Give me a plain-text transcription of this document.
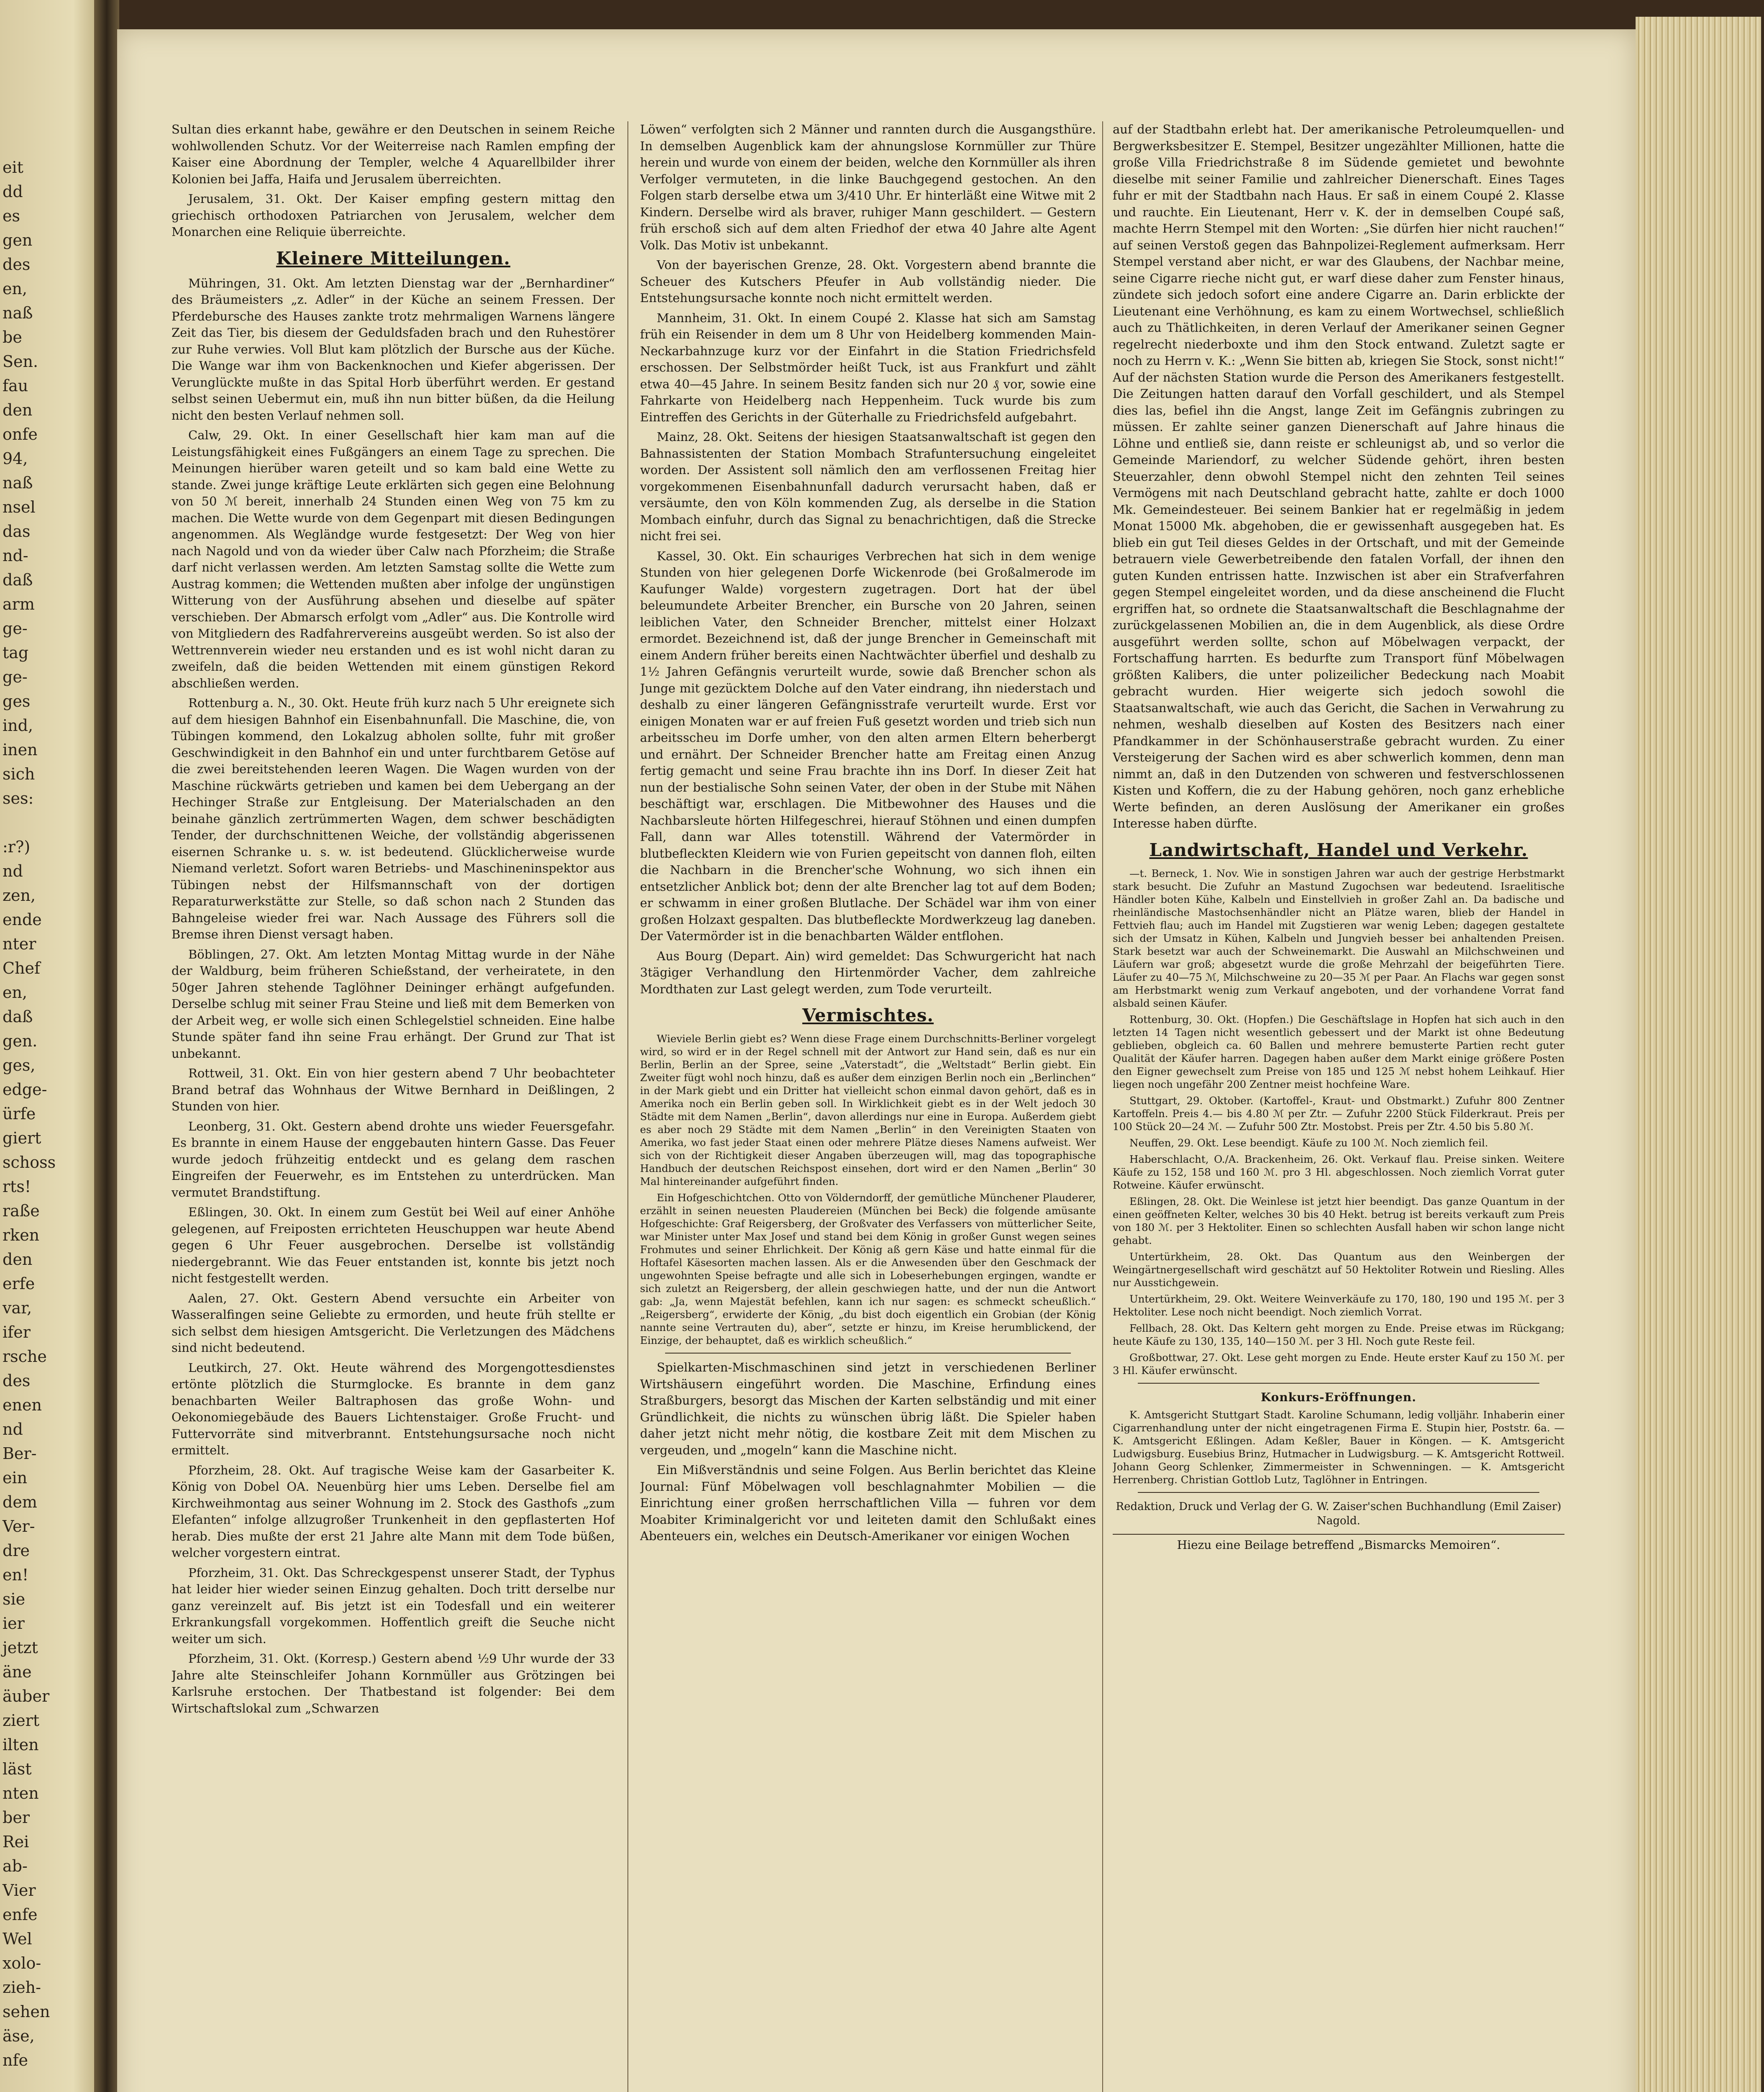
eit
dd
es
gen
des
en,
naß
be
Sen.
fau
den
onfe
94,
naß
nsel
das
nd-
daß
arm
ge-
tag
ge-
ges
ind,
inen
sich
ses:
:r?)
nd
zen,
ende
nter
Chef
en,
daß
gen.
ges,
edge-
ürfe
giert
schoss
rts!
raße
rken
den
erfe
var,
ifer
rsche
des
enen
nd
Ber-
ein
dem
Ver-
dre
en!
sie
ier
jetzt
äne
äuber
ziert
ilten
läst
nten
ber
Rei
ab-
Vier
enfe
Wel
xolo-
zieh-
sehen
äse,
nfe

Sultan dies erkannt habe, gewähre er den Deutschen in seinem Reiche wohlwollenden Schutz. Vor der Weiterreise nach Ramlen empfing der Kaiser eine Abordnung der Templer, welche 4 Aquarellbilder ihrer Kolonien bei Jaffa, Haifa und Jerusalem überreichten.

Jerusalem, 31. Okt. Der Kaiser empfing gestern mittag den griechisch orthodoxen Patriarchen von Jerusalem, welcher dem Monarchen eine Reliquie überreichte.

Kleinere Mitteilungen.

Mühringen, 31. Okt. Am letzten Dienstag war der „Bernhardiner“ des Bräumeisters „z. Adler“ in der Küche an seinem Fressen. Der Pferdebursche des Hauses zankte trotz mehrmaligen Warnens längere Zeit das Tier, bis diesem der Geduldsfaden brach und den Ruhestörer zur Ruhe verwies. Voll Blut kam plötzlich der Bursche aus der Küche. Die Wange war ihm von Backenknochen und Kiefer abgerissen. Der Verunglückte mußte in das Spital Horb überführt werden. Er gestand selbst seinen Uebermut ein, muß ihn nun bitter büßen, da die Heilung nicht den besten Verlauf nehmen soll.

Calw, 29. Okt. In einer Gesellschaft hier kam man auf die Leistungsfähigkeit eines Fußgängers an einem Tage zu sprechen. Die Meinungen hierüber waren geteilt und so kam bald eine Wette zu stande. Zwei junge kräftige Leute erklärten sich gegen eine Belohnung von 50 ℳ bereit, innerhalb 24 Stunden einen Weg von 75 km zu machen. Die Wette wurde von dem Gegenpart mit diesen Bedingungen angenommen. Als Wegländge wurde festgesetzt: Der Weg von hier nach Nagold und von da wieder über Calw nach Pforzheim; die Straße darf nicht verlassen werden. Am letzten Samstag sollte die Wette zum Austrag kommen; die Wettenden mußten aber infolge der ungünstigen Witterung von der Ausführung absehen und dieselbe auf später verschieben. Der Abmarsch erfolgt vom „Adler“ aus. Die Kontrolle wird von Mitgliedern des Radfahrervereins ausgeübt werden. So ist also der Wettrennverein wieder neu erstanden und es ist wohl nicht daran zu zweifeln, daß die beiden Wettenden mit einem günstigen Rekord abschließen werden.

Rottenburg a. N., 30. Okt. Heute früh kurz nach 5 Uhr ereignete sich auf dem hiesigen Bahnhof ein Eisenbahnunfall. Die Maschine, die, von Tübingen kommend, den Lokalzug abholen sollte, fuhr mit großer Geschwindigkeit in den Bahnhof ein und unter furchtbarem Getöse auf die zwei bereitstehenden leeren Wagen. Die Wagen wurden von der Maschine rückwärts getrieben und kamen bei dem Uebergang an der Hechinger Straße zur Entgleisung. Der Materialschaden an den beinahe gänzlich zertrümmerten Wagen, dem schwer beschädigten Tender, der durchschnittenen Weiche, der vollständig abgerissenen eisernen Schranke u. s. w. ist bedeutend. Glücklicherweise wurde Niemand verletzt. Sofort waren Betriebs- und Maschineninspektor aus Tübingen nebst der Hilfsmannschaft von der dortigen Reparaturwerkstätte zur Stelle, so daß schon nach 2 Stunden das Bahngeleise wieder frei war. Nach Aussage des Führers soll die Bremse ihren Dienst versagt haben.

Böblingen, 27. Okt. Am letzten Montag Mittag wurde in der Nähe der Waldburg, beim früheren Schießstand, der verheiratete, in den 50ger Jahren stehende Taglöhner Deininger erhängt aufgefunden. Derselbe schlug mit seiner Frau Steine und ließ mit dem Bemerken von der Arbeit weg, er wolle sich einen Schlegelstiel schneiden. Eine halbe Stunde später fand ihn seine Frau erhängt. Der Grund zur That ist unbekannt.

Rottweil, 31. Okt. Ein von hier gestern abend 7 Uhr beobachteter Brand betraf das Wohnhaus der Witwe Bernhard in Deißlingen, 2 Stunden von hier.

Leonberg, 31. Okt. Gestern abend drohte uns wieder Feuersgefahr. Es brannte in einem Hause der enggebauten hintern Gasse. Das Feuer wurde jedoch frühzeitig entdeckt und es gelang dem raschen Eingreifen der Feuerwehr, es im Entstehen zu unterdrücken. Man vermutet Brandstiftung.

Eßlingen, 30. Okt. In einem zum Gestüt bei Weil auf einer Anhöhe gelegenen, auf Freiposten errichteten Heuschuppen war heute Abend gegen 6 Uhr Feuer ausgebrochen. Derselbe ist vollständig niedergebrannt. Wie das Feuer entstanden ist, konnte bis jetzt noch nicht festgestellt werden.

Aalen, 27. Okt. Gestern Abend versuchte ein Arbeiter von Wasseralfingen seine Geliebte zu ermorden, und heute früh stellte er sich selbst dem hiesigen Amtsgericht. Die Verletzungen des Mädchens sind nicht bedeutend.

Leutkirch, 27. Okt. Heute während des Morgengottesdienstes ertönte plötzlich die Sturmglocke. Es brannte in dem ganz benachbarten Weiler Baltraphosen das große Wohn- und Oekonomiegebäude des Bauers Lichtenstaiger. Große Frucht- und Futtervorräte sind mitverbrannt. Entstehungsursache noch nicht ermittelt.

Pforzheim, 28. Okt. Auf tragische Weise kam der Gasarbeiter K. König von Dobel OA. Neuenbürg hier ums Leben. Derselbe fiel am Kirchweihmontag aus seiner Wohnung im 2. Stock des Gasthofs „zum Elefanten“ infolge allzugroßer Trunkenheit in den gepflasterten Hof herab. Dies mußte der erst 21 Jahre alte Mann mit dem Tode büßen, welcher vorgestern eintrat.

Pforzheim, 31. Okt. Das Schreckgespenst unserer Stadt, der Typhus hat leider hier wieder seinen Einzug gehalten. Doch tritt derselbe nur ganz vereinzelt auf. Bis jetzt ist ein Todesfall und ein weiterer Erkrankungsfall vorgekommen. Hoffentlich greift die Seuche nicht weiter um sich.

Pforzheim, 31. Okt. (Korresp.) Gestern abend ½9 Uhr wurde der 33 Jahre alte Steinschleifer Johann Kornmüller aus Grötzingen bei Karlsruhe erstochen. Der Thatbestand ist folgender: Bei dem Wirtschaftslokal zum „Schwarzen

Löwen“ verfolgten sich 2 Männer und rannten durch die Ausgangsthüre. In demselben Augenblick kam der ahnungslose Kornmüller zur Thüre herein und wurde von einem der beiden, welche den Kornmüller als ihren Verfolger vermuteten, in die linke Bauchgegend gestochen. An den Folgen starb derselbe etwa um 3/410 Uhr. Er hinterläßt eine Witwe mit 2 Kindern. Derselbe wird als braver, ruhiger Mann geschildert. — Gestern früh erschoß sich auf dem alten Friedhof der etwa 40 Jahre alte Agent Volk. Das Motiv ist unbekannt.

Von der bayerischen Grenze, 28. Okt. Vorgestern abend brannte die Scheuer des Kutschers Pfeufer in Aub vollständig nieder. Die Entstehungsursache konnte noch nicht ermittelt werden.

Mannheim, 31. Okt. In einem Coupé 2. Klasse hat sich am Samstag früh ein Reisender in dem um 8 Uhr von Heidelberg kommenden Main-Neckarbahnzuge kurz vor der Einfahrt in die Station Friedrichsfeld erschossen. Der Selbstmörder heißt Tuck, ist aus Frankfurt und zählt etwa 40—45 Jahre. In seinem Besitz fanden sich nur 20 ₰ vor, sowie eine Fahrkarte von Heidelberg nach Heppenheim. Tuck wurde bis zum Eintreffen des Gerichts in der Güterhalle zu Friedrichsfeld aufgebahrt.

Mainz, 28. Okt. Seitens der hiesigen Staatsanwaltschaft ist gegen den Bahnassistenten der Station Mombach Strafuntersuchung eingeleitet worden. Der Assistent soll nämlich den am verflossenen Freitag hier vorgekommenen Eisenbahnunfall dadurch verursacht haben, daß er versäumte, den von Köln kommenden Zug, als derselbe in die Station Mombach einfuhr, durch das Signal zu benachrichtigen, daß die Strecke nicht frei sei.

Kassel, 30. Okt. Ein schauriges Verbrechen hat sich in dem wenige Stunden von hier gelegenen Dorfe Wickenrode (bei Großalmerode im Kaufunger Walde) vorgestern zugetragen. Dort hat der übel beleumundete Arbeiter Brencher, ein Bursche von 20 Jahren, seinen leiblichen Vater, den Schneider Brencher, mittelst einer Holzaxt ermordet. Bezeichnend ist, daß der junge Brencher in Gemeinschaft mit einem Andern früher bereits einen Nachtwächter überfiel und deshalb zu 1½ Jahren Gefängnis verurteilt wurde, sowie daß Brencher schon als Junge mit gezücktem Dolche auf den Vater eindrang, ihn niederstach und deshalb zu einer längeren Gefängnisstrafe verurteilt wurde. Erst vor einigen Monaten war er auf freien Fuß gesetzt worden und trieb sich nun arbeitsscheu im Dorfe umher, von den alten armen Eltern beherbergt und ernährt. Der Schneider Brencher hatte am Freitag einen Anzug fertig gemacht und seine Frau brachte ihn ins Dorf. In dieser Zeit hat nun der bestialische Sohn seinen Vater, der oben in der Stube mit Nähen beschäftigt war, erschlagen. Die Mitbewohner des Hauses und die Nachbarsleute hörten Hilfegeschrei, hierauf Stöhnen und einen dumpfen Fall, dann war Alles totenstill. Während der Vatermörder in blutbefleckten Kleidern wie von Furien gepeitscht von dannen floh, eilten die Nachbarn in die Brencher'sche Wohnung, wo sich ihnen ein entsetzlicher Anblick bot; denn der alte Brencher lag tot auf dem Boden; er schwamm in einer großen Blutlache. Der Schädel war ihm von einer großen Holzaxt gespalten. Das blutbefleckte Mordwerkzeug lag daneben. Der Vatermörder ist in die benachbarten Wälder entflohen.

Aus Bourg (Depart. Ain) wird gemeldet: Das Schwurgericht hat nach 3tägiger Verhandlung den Hirtenmörder Vacher, dem zahlreiche Mordthaten zur Last gelegt werden, zum Tode verurteilt.

Vermischtes.

Wieviele Berlin giebt es? Wenn diese Frage einem Durchschnitts-Berliner vorgelegt wird, so wird er in der Regel schnell mit der Antwort zur Hand sein, daß es nur ein Berlin, Berlin an der Spree, seine „Vaterstadt“, die „Weltstadt“ Berlin giebt. Ein Zweiter fügt wohl noch hinzu, daß es außer dem einzigen Berlin noch ein „Berlinchen“ in der Mark giebt und ein Dritter hat vielleicht schon einmal davon gehört, daß es in Amerika noch ein Berlin geben soll. In Wirklichkeit giebt es in der Welt jedoch 30 Städte mit dem Namen „Berlin“, davon allerdings nur eine in Europa. Außerdem giebt es aber noch 29 Städte mit dem Namen „Berlin“ in den Vereinigten Staaten von Amerika, wo fast jeder Staat einen oder mehrere Plätze dieses Namens aufweist. Wer sich von der Richtigkeit dieser Angaben überzeugen will, mag das topographische Handbuch der deutschen Reichspost einsehen, dort wird er den Namen „Berlin“ 30 Mal hintereinander aufgeführt finden.

Ein Hofgeschichtchen. Otto von Völderndorff, der gemütliche Münchener Plauderer, erzählt in seinen neuesten Plaudereien (München bei Beck) die folgende amüsante Hofgeschichte: Graf Reigersberg, der Großvater des Verfassers von mütterlicher Seite, war Minister unter Max Josef und stand bei dem König in großer Gunst wegen seines Frohmutes und seiner Ehrlichkeit. Der König aß gern Käse und hatte einmal für die Hoftafel Käsesorten machen lassen. Als er die Anwesenden über den Geschmack der ungewohnten Speise befragte und alle sich in Lobeserhebungen ergingen, wandte er sich zuletzt an Reigersberg, der allein geschwiegen hatte, und der nun die Antwort gab: „Ja, wenn Majestät befehlen, kann ich nur sagen: es schmeckt scheußlich.“ „Reigersberg“, erwiderte der König, „du bist doch eigentlich ein Grobian (der König nannte seine Vertrauten du), aber“, setzte er hinzu, im Kreise herumblickend, der Einzige, der behauptet, daß es wirklich scheußlich.“

Spielkarten-Mischmaschinen sind jetzt in verschiedenen Berliner Wirtshäusern eingeführt worden. Die Maschine, Erfindung eines Straßburgers, besorgt das Mischen der Karten selbständig und mit einer Gründlichkeit, die nichts zu wünschen übrig läßt. Die Spieler haben daher jetzt nicht mehr nötig, die kostbare Zeit mit dem Mischen zu vergeuden, und „mogeln“ kann die Maschine nicht.

Ein Mißverständnis und seine Folgen. Aus Berlin berichtet das Kleine Journal: Fünf Möbelwagen voll beschlagnahmter Mobilien — die Einrichtung einer großen herrschaftlichen Villa — fuhren vor dem Moabiter Kriminalgericht vor und leiteten damit den Schlußakt eines Abenteuers ein, welches ein Deutsch-Amerikaner vor einigen Wochen

auf der Stadtbahn erlebt hat. Der amerikanische Petroleumquellen- und Bergwerksbesitzer E. Stempel, Besitzer ungezählter Millionen, hatte die große Villa Friedrichstraße 8 im Südende gemietet und bewohnte dieselbe mit seiner Familie und zahlreicher Dienerschaft. Eines Tages fuhr er mit der Stadtbahn nach Haus. Er saß in einem Coupé 2. Klasse und rauchte. Ein Lieutenant, Herr v. K. der in demselben Coupé saß, machte Herrn Stempel mit den Worten: „Sie dürfen hier nicht rauchen!“ auf seinen Verstoß gegen das Bahnpolizei-Reglement aufmerksam. Herr Stempel verstand aber nicht, er war des Glaubens, der Nachbar meine, seine Cigarre rieche nicht gut, er warf diese daher zum Fenster hinaus, zündete sich jedoch sofort eine andere Cigarre an. Darin erblickte der Lieutenant eine Verhöhnung, es kam zu einem Wortwechsel, schließlich auch zu Thätlichkeiten, in deren Verlauf der Amerikaner seinen Gegner regelrecht niederboxte und ihm den Stock entwand. Zuletzt sagte er noch zu Herrn v. K.: „Wenn Sie bitten ab, kriegen Sie Stock, sonst nicht!“ Auf der nächsten Station wurde die Person des Amerikaners festgestellt. Die Zeitungen hatten darauf den Vorfall geschildert, und als Stempel dies las, befiel ihn die Angst, lange Zeit im Gefängnis zubringen zu müssen. Er zahlte seiner ganzen Dienerschaft auf Jahre hinaus die Löhne und entließ sie, dann reiste er schleunigst ab, und so verlor die Gemeinde Mariendorf, zu welcher Südende gehört, ihren besten Steuerzahler, denn obwohl Stempel nicht den zehnten Teil seines Vermögens mit nach Deutschland gebracht hatte, zahlte er doch 1000 Mk. Gemeindesteuer. Bei seinem Bankier hat er regelmäßig in jedem Monat 15000 Mk. abgehoben, die er gewissenhaft ausgegeben hat. Es blieb ein gut Teil dieses Geldes in der Ortschaft, und mit der Gemeinde betrauern viele Gewerbetreibende den fatalen Vorfall, der ihnen den guten Kunden entrissen hatte. Inzwischen ist aber ein Strafverfahren gegen Stempel eingeleitet worden, und da diese anscheinend die Flucht ergriffen hat, so ordnete die Staatsanwaltschaft die Beschlagnahme der zurückgelassenen Mobilien an, die in dem Augenblick, als diese Ordre ausgeführt werden sollte, schon auf Möbelwagen verpackt, der Fortschaffung harrten. Es bedurfte zum Transport fünf Möbelwagen größten Kalibers, die unter polizeilicher Bedeckung nach Moabit gebracht wurden. Hier weigerte sich jedoch sowohl die Staatsanwaltschaft, wie auch das Gericht, die Sachen in Verwahrung zu nehmen, weshalb dieselben auf Kosten des Besitzers nach einer Pfandkammer in der Schönhauserstraße gebracht wurden. Zu einer Versteigerung der Sachen wird es aber schwerlich kommen, denn man nimmt an, daß in den Dutzenden von schweren und festverschlossenen Kisten und Koffern, die zu der Habung gehören, noch ganz erhebliche Werte befinden, an deren Auslösung der Amerikaner ein großes Interesse haben dürfte.

Landwirtschaft, Handel und Verkehr.

—t. Berneck, 1. Nov. Wie in sonstigen Jahren war auch der gestrige Herbstmarkt stark besucht. Die Zufuhr an Mastund Zugochsen war bedeutend. Israelitische Händler boten Kühe, Kalbeln und Einstellvieh in großer Zahl an. Da badische und rheinländische Mastochsenhändler nicht an Plätze waren, blieb der Handel in Fettvieh flau; auch im Handel mit Zugstieren war wenig Leben; dagegen gestaltete sich der Umsatz in Kühen, Kalbeln und Jungvieh besser bei anhaltenden Preisen. Stark besetzt war auch der Schweinemarkt. Die Auswahl an Milchschweinen und Läufern war groß; abgesetzt wurde die große Mehrzahl der beigeführten Tiere. Läufer zu 40—75 ℳ, Milchschweine zu 20—35 ℳ per Paar. An Flachs war gegen sonst am Herbstmarkt wenig zum Verkauf angeboten, und der vorhandene Vorrat fand alsbald seinen Käufer.

Rottenburg, 30. Okt. (Hopfen.) Die Geschäftslage in Hopfen hat sich auch in den letzten 14 Tagen nicht wesentlich gebessert und der Markt ist ohne Bedeutung geblieben, obgleich ca. 60 Ballen und mehrere bemusterte Partien recht guter Qualität der Käufer harren. Dagegen haben außer dem Markt einige größere Posten den Eigner gewechselt zum Preise von 185 und 125 ℳ nebst hohem Leihkauf. Hier liegen noch ungefähr 200 Zentner meist hochfeine Ware.

Stuttgart, 29. Oktober. (Kartoffel-, Kraut- und Obstmarkt.) Zufuhr 800 Zentner Kartoffeln. Preis 4.— bis 4.80 ℳ per Ztr. — Zufuhr 2200 Stück Filderkraut. Preis per 100 Stück 20—24 ℳ. — Zufuhr 500 Ztr. Mostobst. Preis per Ztr. 4.50 bis 5.80 ℳ.

Neuffen, 29. Okt. Lese beendigt. Käufe zu 100 ℳ. Noch ziemlich feil.

Haberschlacht, O./A. Brackenheim, 26. Okt. Verkauf flau. Preise sinken. Weitere Käufe zu 152, 158 und 160 ℳ. pro 3 Hl. abgeschlossen. Noch ziemlich Vorrat guter Rotweine. Käufer erwünscht.

Eßlingen, 28. Okt. Die Weinlese ist jetzt hier beendigt. Das ganze Quantum in der einen geöffneten Kelter, welches 30 bis 40 Hekt. betrug ist bereits verkauft zum Preis von 180 ℳ. per 3 Hektoliter. Einen so schlechten Ausfall haben wir schon lange nicht gehabt.

Untertürkheim, 28. Okt. Das Quantum aus den Weinbergen der Weingärtnergesellschaft wird geschätzt auf 50 Hektoliter Rotwein und Riesling. Alles nur Ausstichgewein.

Untertürkheim, 29. Okt. Weitere Weinverkäufe zu 170, 180, 190 und 195 ℳ. per 3 Hektoliter. Lese noch nicht beendigt. Noch ziemlich Vorrat.

Fellbach, 28. Okt. Das Keltern geht morgen zu Ende. Preise etwas im Rückgang; heute Käufe zu 130, 135, 140—150 ℳ. per 3 Hl. Noch gute Reste feil.

Großbottwar, 27. Okt. Lese geht morgen zu Ende. Heute erster Kauf zu 150 ℳ. per 3 Hl. Käufer erwünscht.

Konkurs-Eröffnungen.

K. Amtsgericht Stuttgart Stadt. Karoline Schumann, ledig volljähr. Inhaberin einer Cigarrenhandlung unter der nicht eingetragenen Firma E. Stupin hier, Poststr. 6a. — K. Amtsgericht Eßlingen. Adam Keßler, Bauer in Köngen. — K. Amtsgericht Ludwigsburg. Eusebius Brinz, Hutmacher in Ludwigsburg. — K. Amtsgericht Rottweil. Johann Georg Schlenker, Zimmermeister in Schwenningen. — K. Amtsgericht Herrenberg. Christian Gottlob Lutz, Taglöhner in Entringen.

Redaktion, Druck und Verlag der G. W. Zaiser'schen Buchhandlung (Emil Zaiser) Nagold.
Hiezu eine Beilage betreffend „Bismarcks Memoiren“.
